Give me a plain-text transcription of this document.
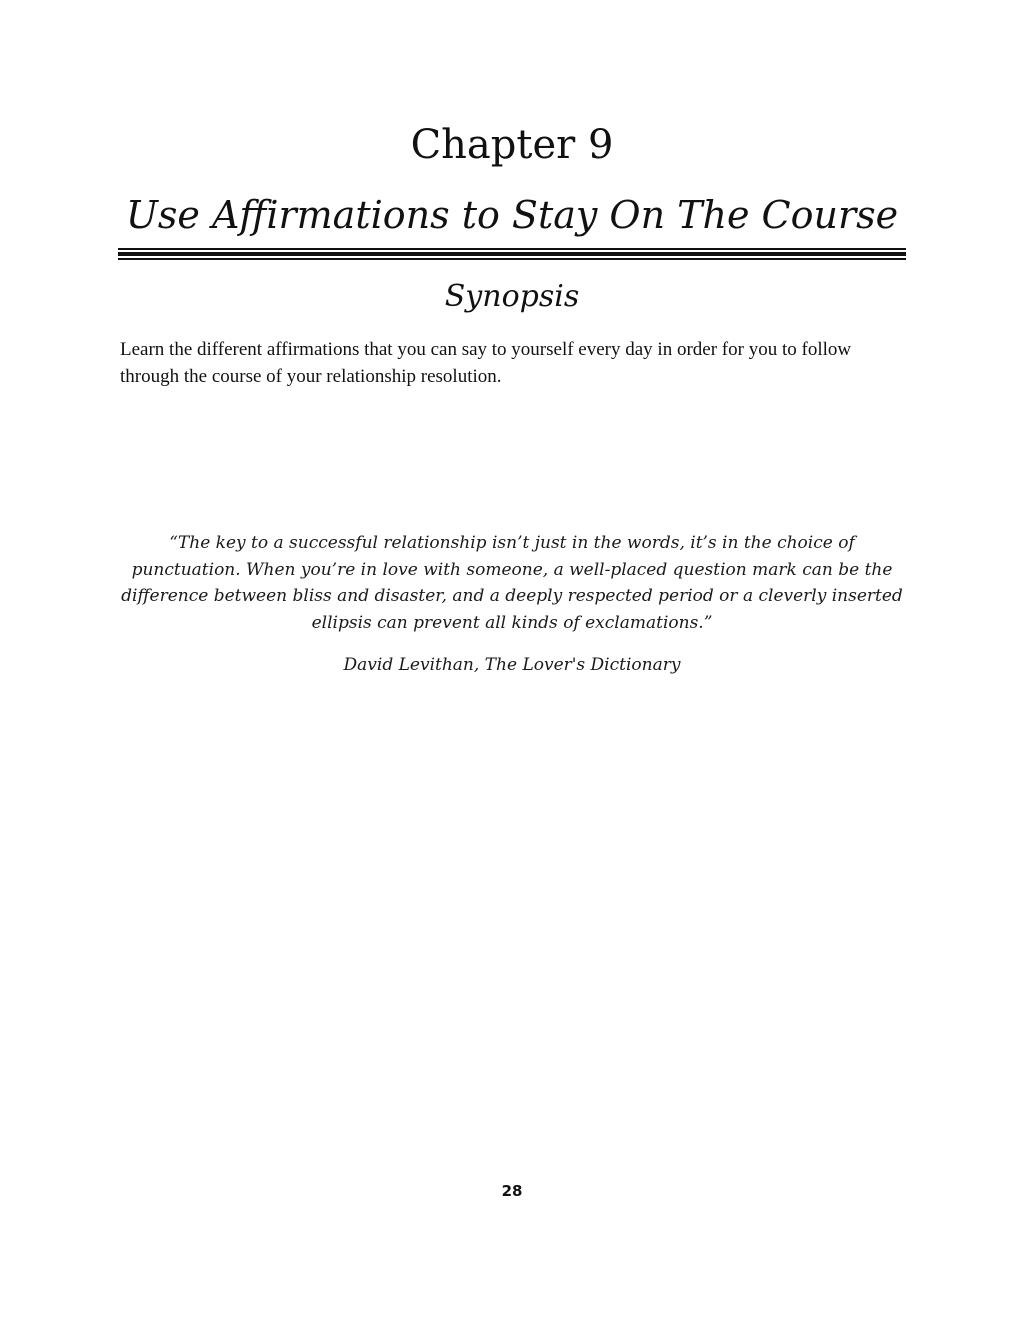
Chapter 9
Use Affirmations to Stay On The Course
Synopsis

Learn the different affirmations that you can say to yourself every day in order for you to follow through the course of your relationship resolution.

“The key to a successful relationship isn’t just in the words, it’s in the choice of punctuation. When you’re in love with someone, a well-placed question mark can be the difference between bliss and disaster, and a deeply respected period or a cleverly inserted ellipsis can prevent all kinds of exclamations.”

David Levithan, The Lover's Dictionary

28
